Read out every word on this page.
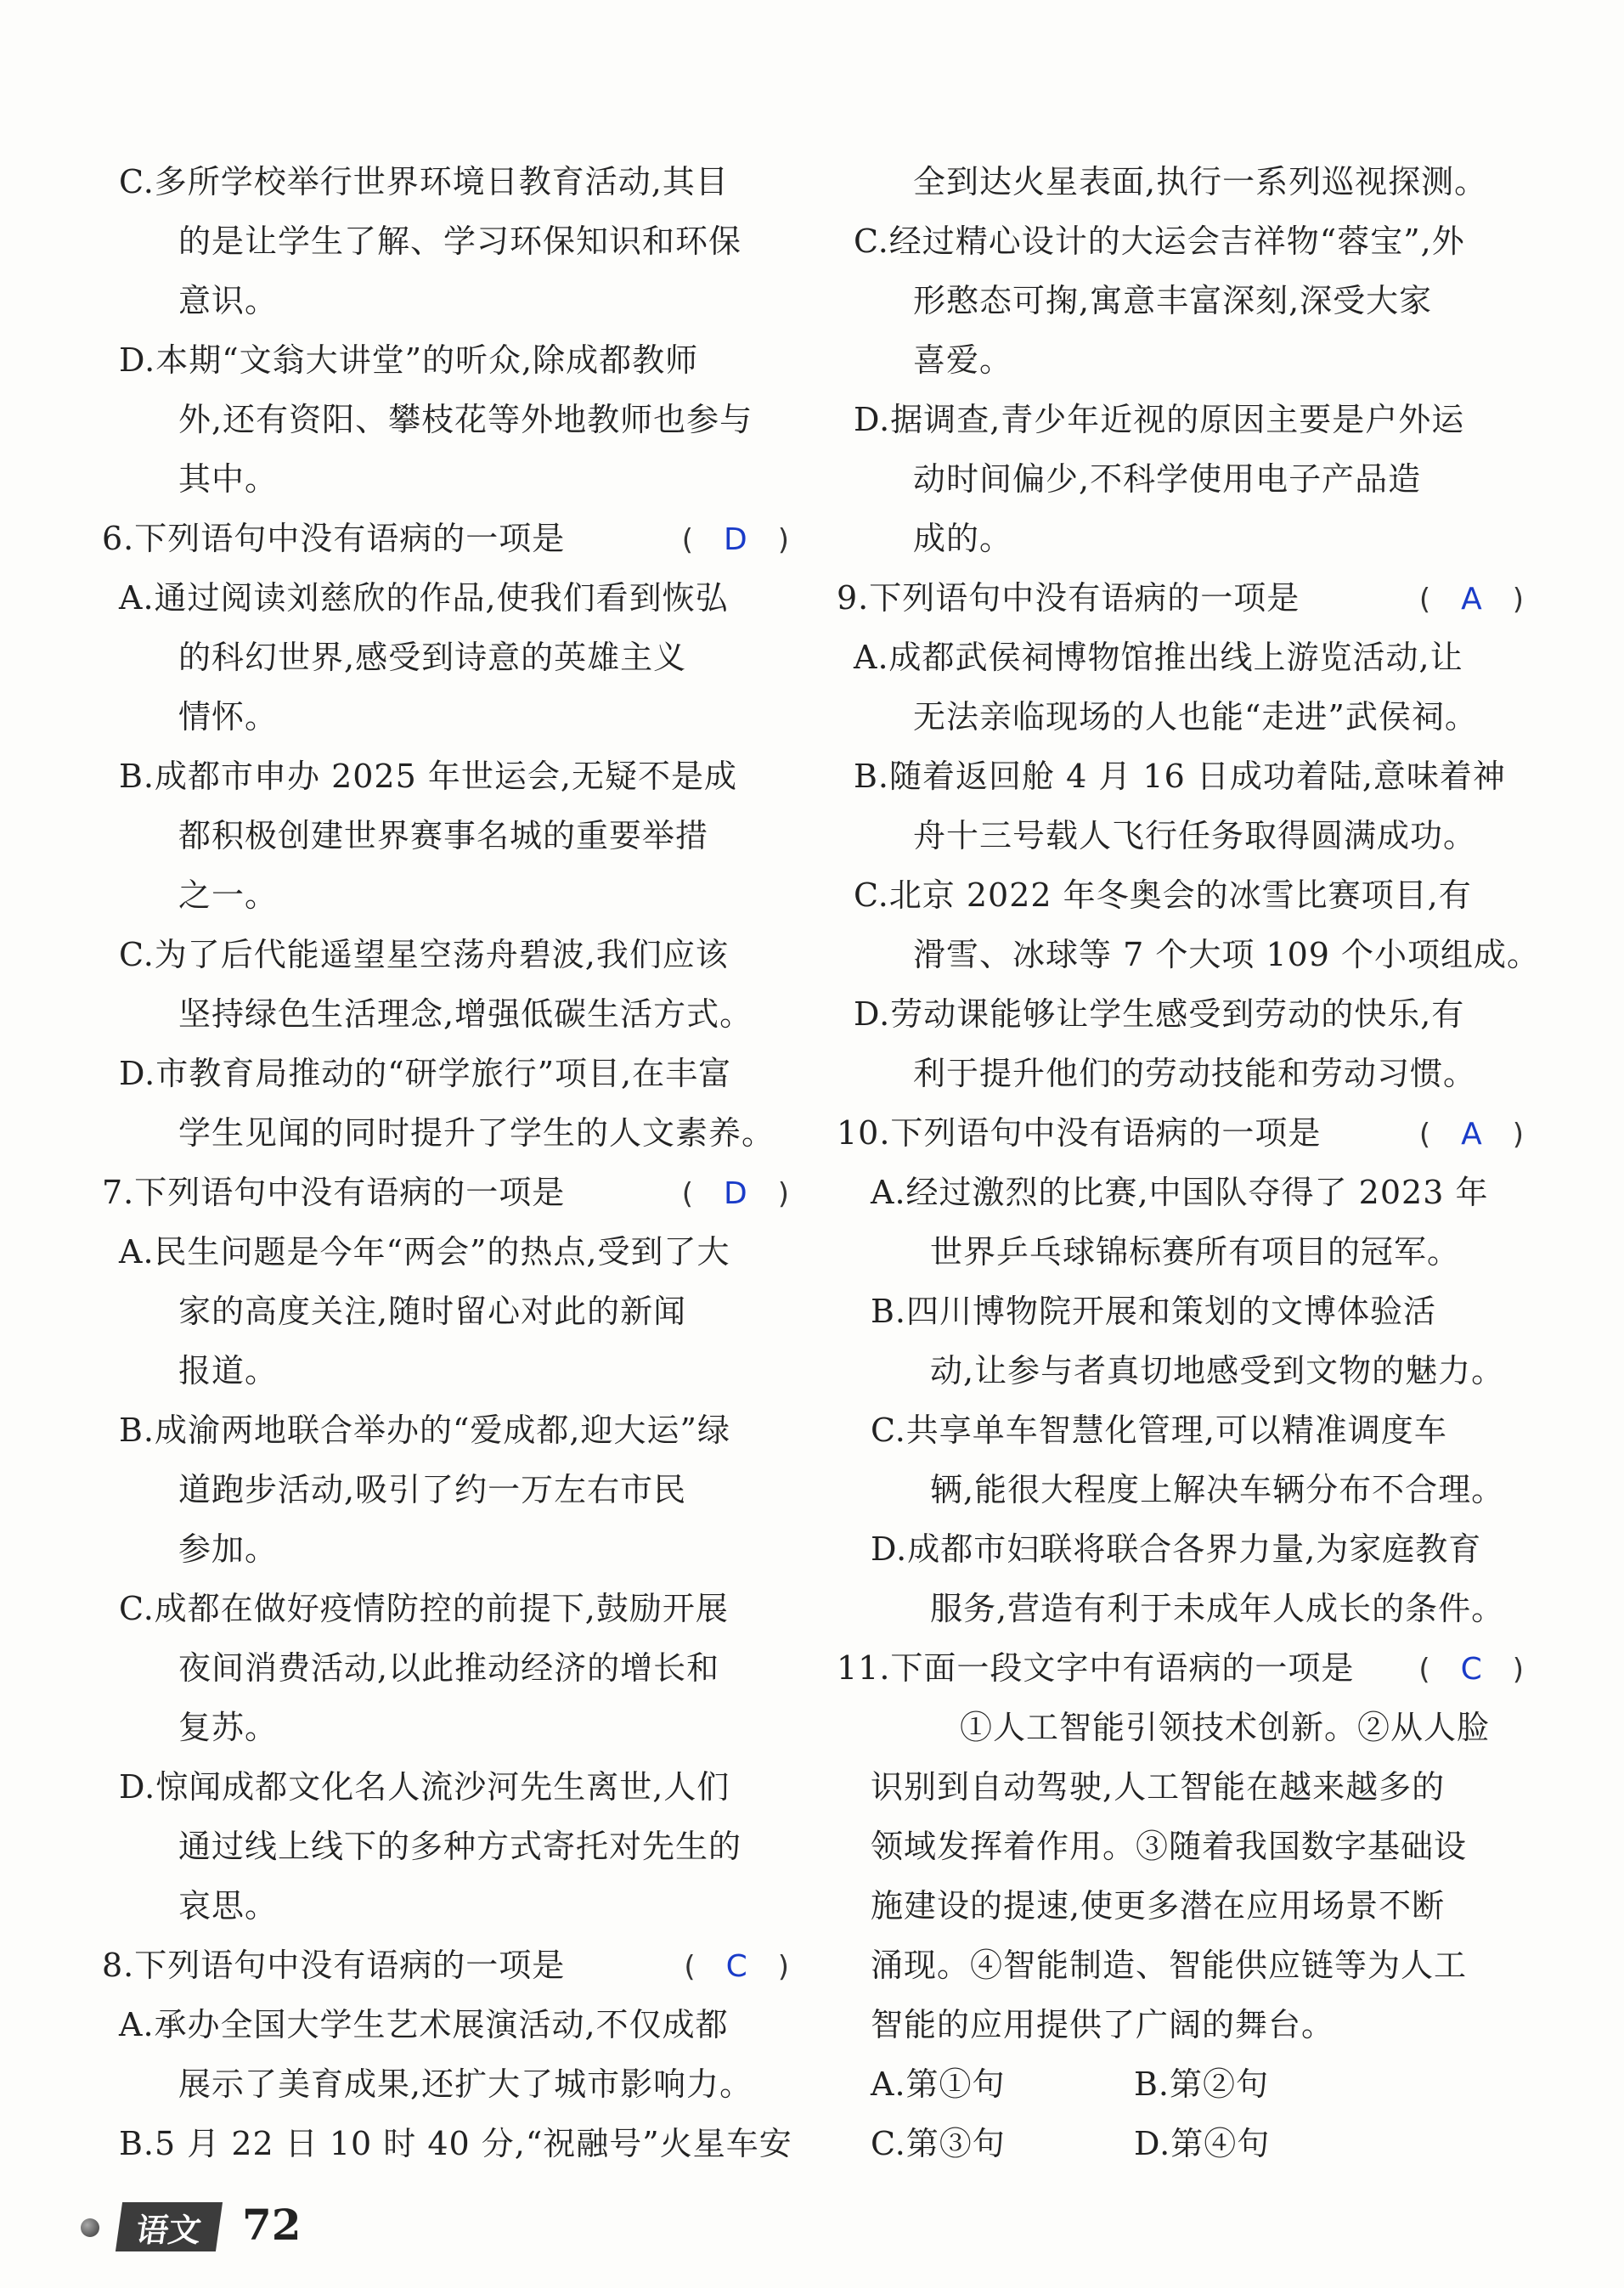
C.多所学校举行世界环境日教育活动,其目
的是让学生了解、学习环保知识和环保
意识。
D.本期“文翁大讲堂”的听众,除成都教师
外,还有资阳、攀枝花等外地教师也参与
其中。
6.下列语句中没有语病的一项是	( D )
A.通过阅读刘慈欣的作品,使我们看到恢弘
的科幻世界,感受到诗意的英雄主义
情怀。
B.成都市申办 2025 年世运会,无疑不是成
都积极创建世界赛事名城的重要举措
之一。
C.为了后代能遥望星空荡舟碧波,我们应该
坚持绿色生活理念,增强低碳生活方式。
D.市教育局推动的“研学旅行”项目,在丰富
学生见闻的同时提升了学生的人文素养。
7.下列语句中没有语病的一项是	( D )
A.民生问题是今年“两会”的热点,受到了大
家的高度关注,随时留心对此的新闻
报道。
B.成渝两地联合举办的“爱成都,迎大运”绿
道跑步活动,吸引了约一万左右市民
参加。
C.成都在做好疫情防控的前提下,鼓励开展
夜间消费活动,以此推动经济的增长和
复苏。
D.惊闻成都文化名人流沙河先生离世,人们
通过线上线下的多种方式寄托对先生的
哀思。
8.下列语句中没有语病的一项是	( C )
A.承办全国大学生艺术展演活动,不仅成都
展示了美育成果,还扩大了城市影响力。
B.5 月 22 日 10 时 40 分,“祝融号”火星车安
全到达火星表面,执行一系列巡视探测。
C.经过精心设计的大运会吉祥物“蓉宝”,外
形憨态可掬,寓意丰富深刻,深受大家
喜爱。
D.据调查,青少年近视的原因主要是户外运
动时间偏少,不科学使用电子产品造
成的。
9.下列语句中没有语病的一项是	( A )
A.成都武侯祠博物馆推出线上游览活动,让
无法亲临现场的人也能“走进”武侯祠。
B.随着返回舱 4 月 16 日成功着陆,意味着神
舟十三号载人飞行任务取得圆满成功。
C.北京 2022 年冬奥会的冰雪比赛项目,有
滑雪、冰球等 7 个大项 109 个小项组成。
D.劳动课能够让学生感受到劳动的快乐,有
利于提升他们的劳动技能和劳动习惯。
10.下列语句中没有语病的一项是	( A )
A.经过激烈的比赛,中国队夺得了 2023 年
世界乒乓球锦标赛所有项目的冠军。
B.四川博物院开展和策划的文博体验活
动,让参与者真切地感受到文物的魅力。
C.共享单车智慧化管理,可以精准调度车
辆,能很大程度上解决车辆分布不合理。
D.成都市妇联将联合各界力量,为家庭教育
服务,营造有利于未成年人成长的条件。
11.下面一段文字中有语病的一项是 ( C )
①人工智能引领技术创新。②从人脸
识别到自动驾驶,人工智能在越来越多的
领域发挥着作用。③随着我国数字基础设
施建设的提速,使更多潜在应用场景不断
涌现。④智能制造、智能供应链等为人工
智能的应用提供了广阔的舞台。
A.第①句	B.第②句
C.第③句	D.第④句
语文 72
